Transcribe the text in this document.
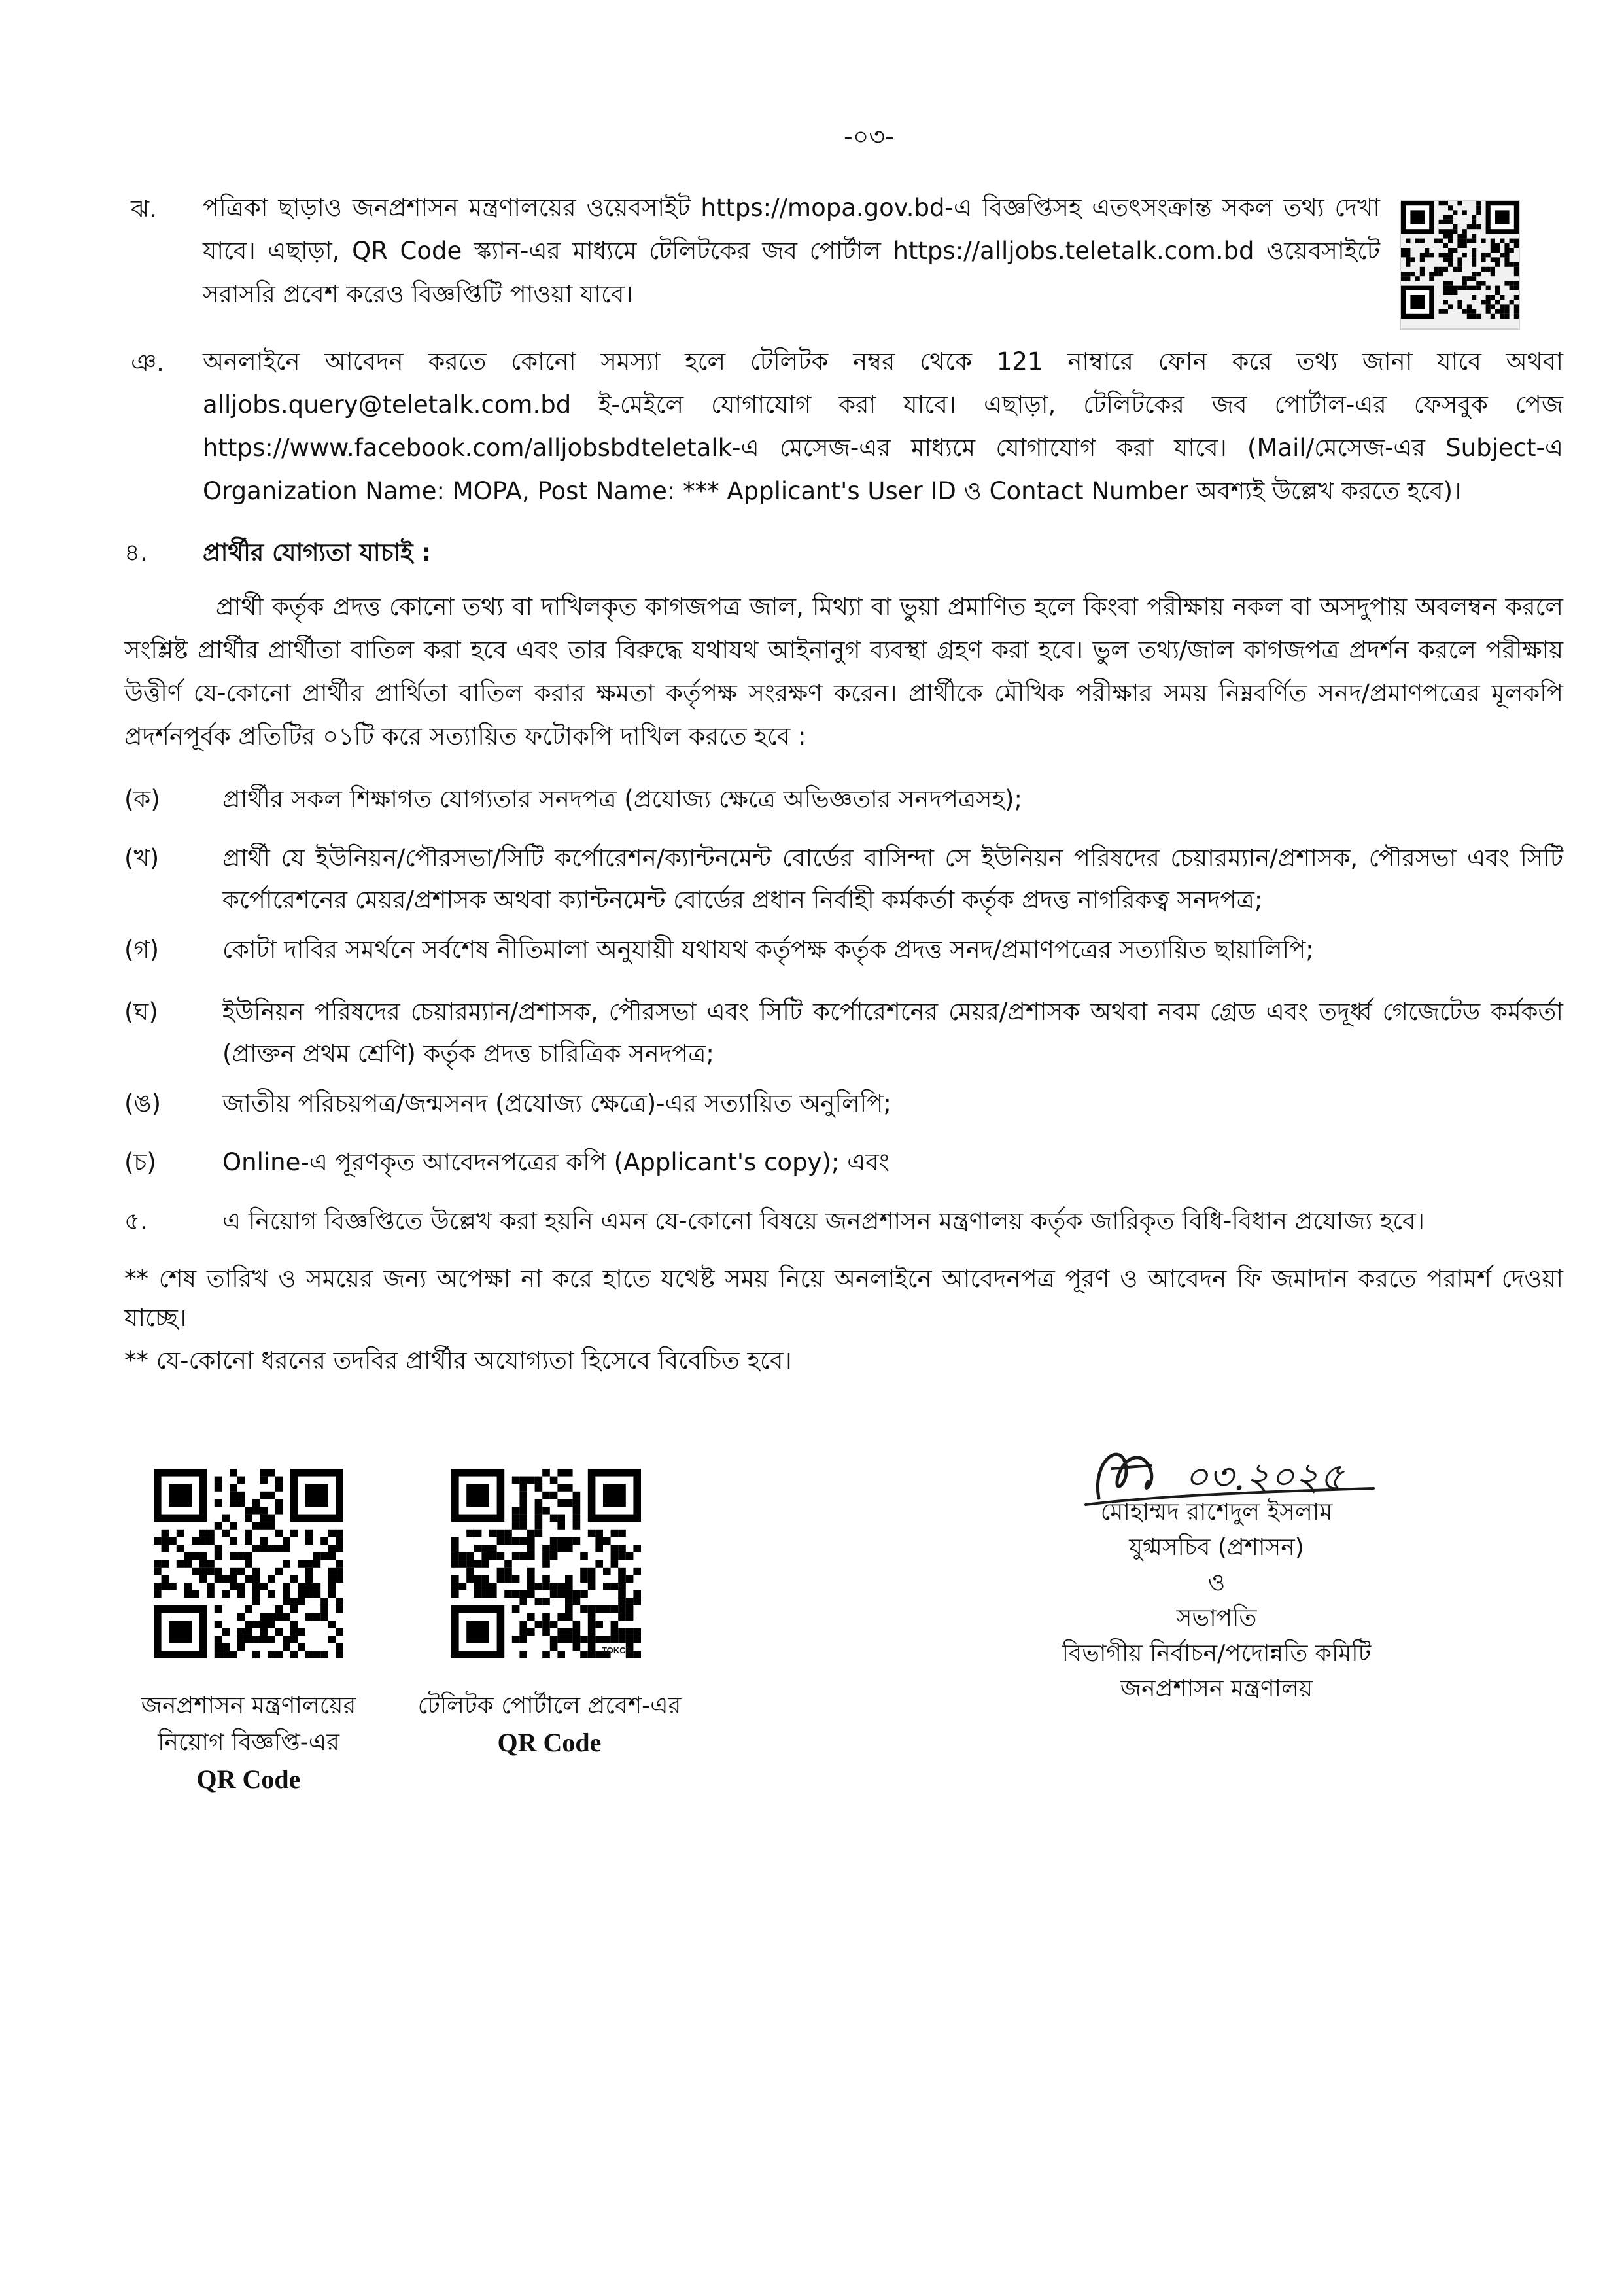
-০৩-
ঝ. পত্রিকা ছাড়াও জনপ্রশাসন মন্ত্রণালয়ের ওয়েবসাইট https://mopa.gov.bd-এ বিজ্ঞপ্তিসহ এতৎসংক্রান্ত সকল তথ্য দেখা যাবে। এছাড়া, QR Code স্ক্যান-এর মাধ্যমে টেলিটকের জব পোর্টাল https://alljobs.teletalk.com.bd ওয়েবসাইটে সরাসরি প্রবেশ করেও বিজ্ঞপ্তিটি পাওয়া যাবে।
ঞ. অনলাইনে আবেদন করতে কোনো সমস্যা হলে টেলিটক নম্বর থেকে 121 নাম্বারে ফোন করে তথ্য জানা যাবে অথবা alljobs.query@teletalk.com.bd ই-মেইলে যোগাযোগ করা যাবে। এছাড়া, টেলিটকের জব পোর্টাল-এর ফেসবুক পেজ https://www.facebook.com/alljobsbdteletalk-এ মেসেজ-এর মাধ্যমে যোগাযোগ করা যাবে। (Mail/মেসেজ-এর Subject-এ Organization Name: MOPA, Post Name: *** Applicant's User ID ও Contact Number অবশ্যই উল্লেখ করতে হবে)।
৪. প্রার্থীর যোগ্যতা যাচাই :
প্রার্থী কর্তৃক প্রদত্ত কোনো তথ্য বা দাখিলকৃত কাগজপত্র জাল, মিথ্যা বা ভুয়া প্রমাণিত হলে কিংবা পরীক্ষায় নকল বা অসদুপায় অবলম্বন করলে সংশ্লিষ্ট প্রার্থীর প্রার্থীতা বাতিল করা হবে এবং তার বিরুদ্ধে যথাযথ আইনানুগ ব্যবস্থা গ্রহণ করা হবে। ভুল তথ্য/জাল কাগজপত্র প্রদর্শন করলে পরীক্ষায় উত্তীর্ণ যে-কোনো প্রার্থীর প্রার্থিতা বাতিল করার ক্ষমতা কর্তৃপক্ষ সংরক্ষণ করেন। প্রার্থীকে মৌখিক পরীক্ষার সময় নিম্নবর্ণিত সনদ/প্রমাণপত্রের মূলকপি প্রদর্শনপূর্বক প্রতিটির ০১টি করে সত্যায়িত ফটোকপি দাখিল করতে হবে :
(ক)	প্রার্থীর সকল শিক্ষাগত যোগ্যতার সনদপত্র (প্রযোজ্য ক্ষেত্রে অভিজ্ঞতার সনদপত্রসহ);
(খ)	প্রার্থী যে ইউনিয়ন/পৌরসভা/সিটি কর্পোরেশন/ক্যান্টনমেন্ট বোর্ডের বাসিন্দা সে ইউনিয়ন পরিষদের চেয়ারম্যান/প্রশাসক, পৌরসভা এবং সিটি কর্পোরেশনের মেয়র/প্রশাসক অথবা ক্যান্টনমেন্ট বোর্ডের প্রধান নির্বাহী কর্মকর্তা কর্তৃক প্রদত্ত নাগরিকত্ব সনদপত্র;
(গ)	কোটা দাবির সমর্থনে সর্বশেষ নীতিমালা অনুযায়ী যথাযথ কর্তৃপক্ষ কর্তৃক প্রদত্ত সনদ/প্রমাণপত্রের সত্যায়িত ছায়ালিপি;
(ঘ)	ইউনিয়ন পরিষদের চেয়ারম্যান/প্রশাসক, পৌরসভা এবং সিটি কর্পোরেশনের মেয়র/প্রশাসক অথবা নবম গ্রেড এবং তদূর্ধ্ব গেজেটেড কর্মকর্তা (প্রাক্তন প্রথম শ্রেণি) কর্তৃক প্রদত্ত চারিত্রিক সনদপত্র;
(ঙ)	জাতীয় পরিচয়পত্র/জন্মসনদ (প্রযোজ্য ক্ষেত্রে)-এর সত্যায়িত অনুলিপি;
(চ)	Online-এ পূরণকৃত আবেদনপত্রের কপি (Applicant's copy); এবং
৫.	এ নিয়োগ বিজ্ঞপ্তিতে উল্লেখ করা হয়নি এমন যে-কোনো বিষয়ে জনপ্রশাসন মন্ত্রণালয় কর্তৃক জারিকৃত বিধি-বিধান প্রযোজ্য হবে।
** শেষ তারিখ ও সময়ের জন্য অপেক্ষা না করে হাতে যথেষ্ট সময় নিয়ে অনলাইনে আবেদনপত্র পূরণ ও আবেদন ফি জমাদান করতে পরামর্শ দেওয়া যাচ্ছে।
** যে-কোনো ধরনের তদবির প্রার্থীর অযোগ্যতা হিসেবে বিবেচিত হবে।
জনপ্রশাসন মন্ত্রণালয়ের
নিয়োগ বিজ্ঞপ্তি-এর
QR Code
TOKCB
টেলিটক পোর্টালে প্রবেশ-এর
QR Code
০৩.২০২৫
মোহাম্মদ রাশেদুল ইসলাম
যুগ্মসচিব (প্রশাসন)
ও
সভাপতি
বিভাগীয় নির্বাচন/পদোন্নতি কমিটি
জনপ্রশাসন মন্ত্রণালয়
